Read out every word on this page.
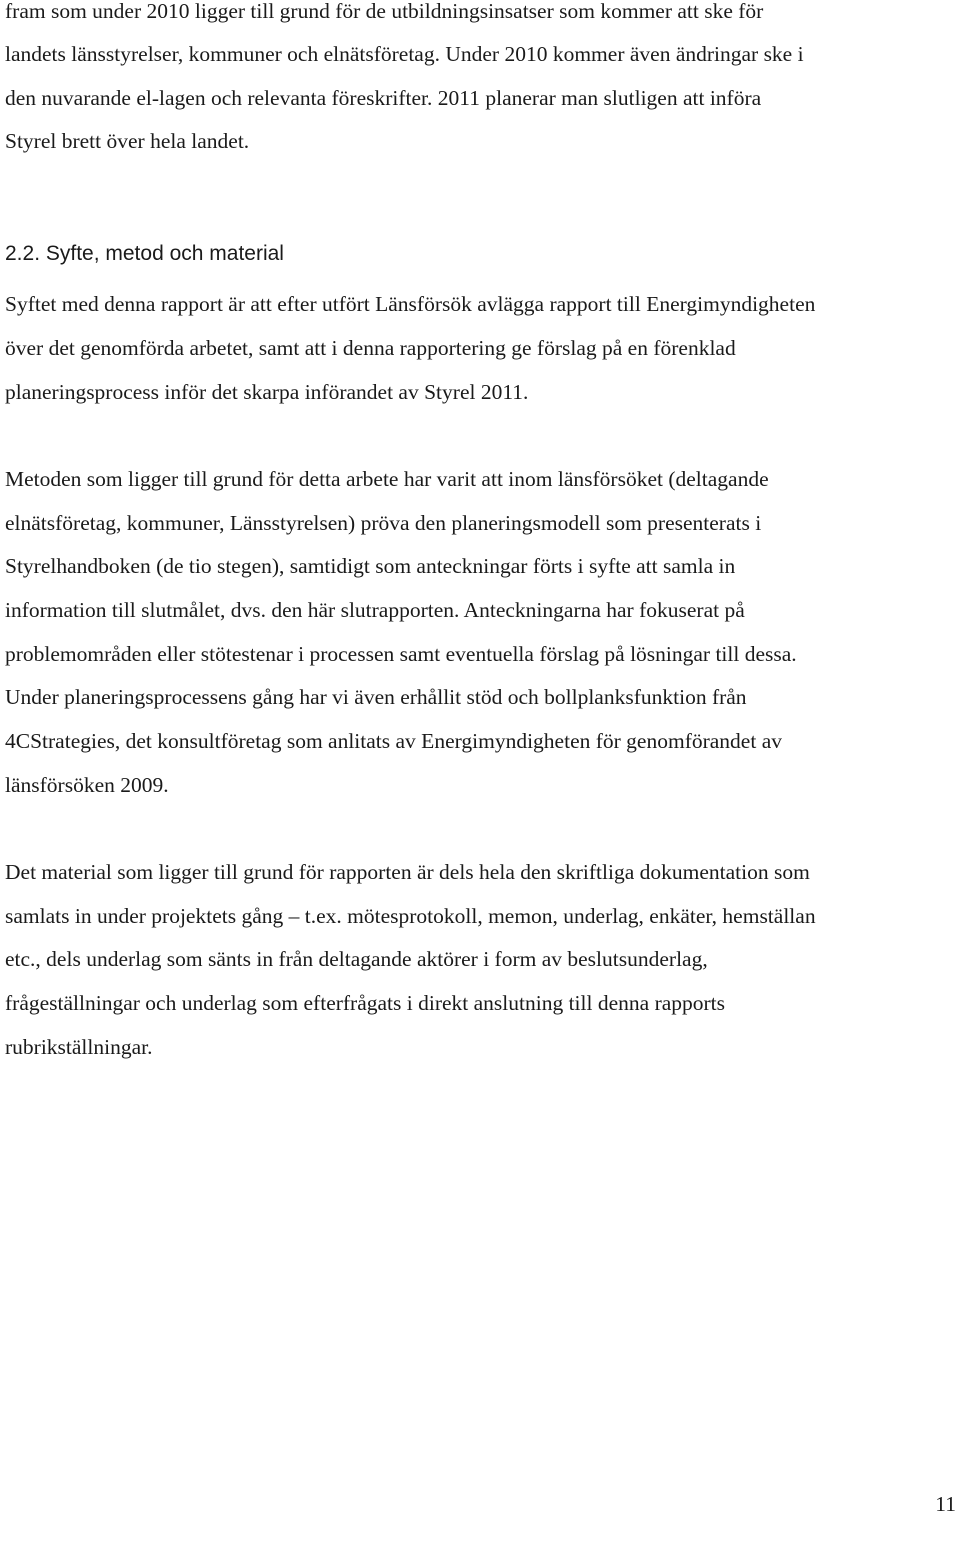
fram som under 2010 ligger till grund för de utbildningsinsatser som kommer att ske för
landets länsstyrelser, kommuner och elnätsföretag. Under 2010 kommer även ändringar ske i
den nuvarande el-lagen och relevanta föreskrifter. 2011 planerar man slutligen att införa
Styrel brett över hela landet.
2.2. Syfte, metod och material
Syftet med denna rapport är att efter utfört Länsförsök avlägga rapport till Energimyndigheten
över det genomförda arbetet, samt att i denna rapportering ge förslag på en förenklad
planeringsprocess inför det skarpa införandet av Styrel 2011.
Metoden som ligger till grund för detta arbete har varit att inom länsförsöket (deltagande
elnätsföretag, kommuner, Länsstyrelsen) pröva den planeringsmodell som presenterats i
Styrelhandboken (de tio stegen), samtidigt som anteckningar förts i syfte att samla in
information till slutmålet, dvs. den här slutrapporten. Anteckningarna har fokuserat på
problemområden eller stötestenar i processen samt eventuella förslag på lösningar till dessa.
Under planeringsprocessens gång har vi även erhållit stöd och bollplanksfunktion från
4CStrategies, det konsultföretag som anlitats av Energimyndigheten för genomförandet av
länsförsöken 2009.
Det material som ligger till grund för rapporten är dels hela den skriftliga dokumentation som
samlats in under projektets gång – t.ex. mötesprotokoll, memon, underlag, enkäter, hemställan
etc., dels underlag som sänts in från deltagande aktörer i form av beslutsunderlag,
frågeställningar och underlag som efterfrågats i direkt anslutning till denna rapports
rubrikställningar.
11
